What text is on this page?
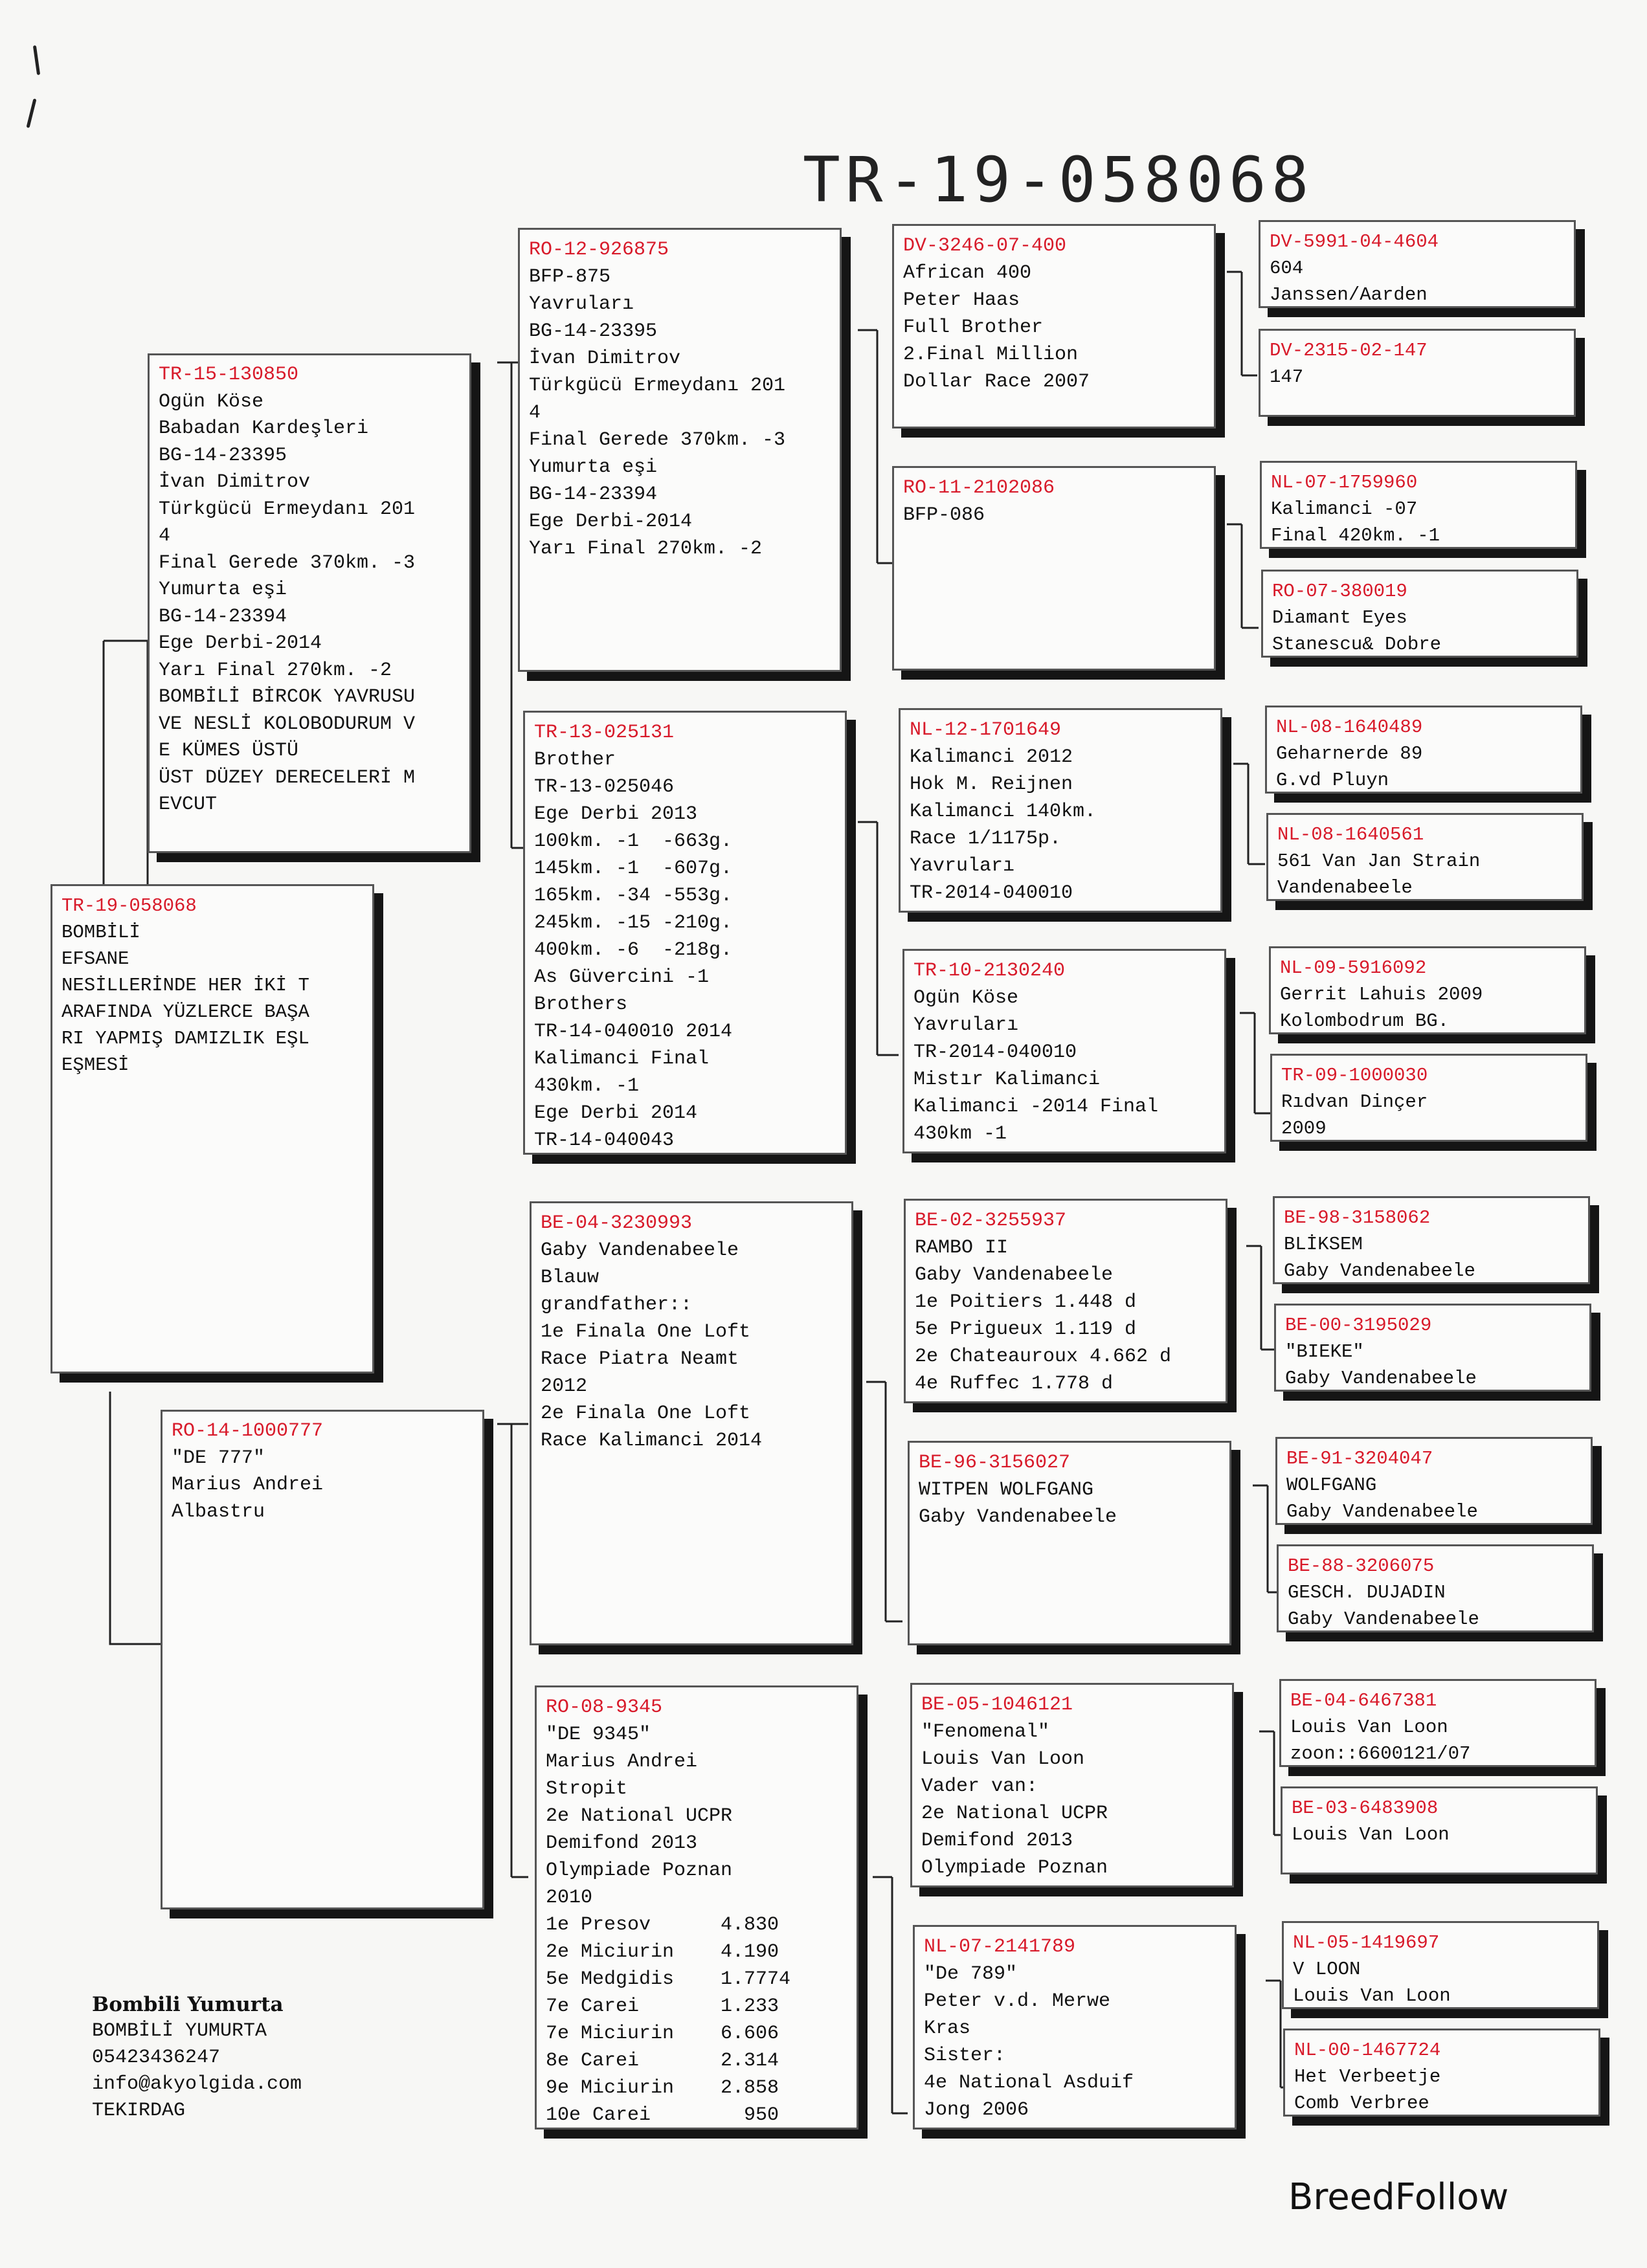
TR-19-058068
TR-19-058068
BOMBİLİ
EFSANE
NESİLLERİNDE HER İKİ T
ARAFINDA YÜZLERCE BAŞA
RI YAPMIŞ DAMIZLIK EŞL
EŞMESİ
TR-15-130850
Ogün Köse
Babadan Kardeşleri
BG-14-23395
İvan Dimitrov
Türkgücü Ermeydanı 201
4
Final Gerede 370km. -3
Yumurta eşi
BG-14-23394
Ege Derbi-2014
Yarı Final 270km. -2
BOMBİLİ BİRCOK YAVRUSU
VE NESLİ KOLOBODURUM V
E KÜMES ÜSTÜ
ÜST DÜZEY DERECELERİ M
EVCUT
RO-14-1000777
"DE 777"
Marius Andrei
Albastru
RO-12-926875
BFP-875
Yavruları
BG-14-23395
İvan Dimitrov
Türkgücü Ermeydanı 201
4
Final Gerede 370km. -3
Yumurta eşi
BG-14-23394
Ege Derbi-2014
Yarı Final 270km. -2
TR-13-025131
Brother
TR-13-025046
Ege Derbi 2013
100km. -1  -663g.
145km. -1  -607g.
165km. -34 -553g.
245km. -15 -210g.
400km. -6  -218g.
As Güvercini -1
Brothers
TR-14-040010 2014
Kalimanci Final
430km. -1
Ege Derbi 2014
TR-14-040043
BE-04-3230993
Gaby Vandenabeele
Blauw
grandfather::
1e Finala One Loft
Race Piatra Neamt
2012
2e Finala One Loft
Race Kalimanci 2014
RO-08-9345
"DE 9345"
Marius Andrei
Stropit
2e National UCPR
Demifond 2013
Olympiade Poznan
2010
1e Presov      4.830
2e Miciurin    4.190
5e Medgidis    1.7774
7e Carei       1.233
7e Miciurin    6.606
8e Carei       2.314
9e Miciurin    2.858
10e Carei        950
DV-3246-07-400
African 400
Peter Haas
Full Brother
2.Final Million
Dollar Race 2007
RO-11-2102086
BFP-086
NL-12-1701649
Kalimanci 2012
Hok M. Reijnen
Kalimanci 140km.
Race 1/1175p.
Yavruları
TR-2014-040010
TR-10-2130240
Ogün Köse
Yavruları
TR-2014-040010
Mistır Kalimanci
Kalimanci -2014 Final
430km -1
BE-02-3255937
RAMBO II
Gaby Vandenabeele
1e Poitiers 1.448 d
5e Prigueux 1.119 d
2e Chateauroux 4.662 d
4e Ruffec 1.778 d
BE-96-3156027
WITPEN WOLFGANG
Gaby Vandenabeele
BE-05-1046121
"Fenomenal"
Louis Van Loon
Vader van:
2e National UCPR
Demifond 2013
Olympiade Poznan
NL-07-2141789
"De 789"
Peter v.d. Merwe
Kras
Sister:
4e National Asduif
Jong 2006
DV-5991-04-4604
604
Janssen/Aarden
DV-2315-02-147
147
NL-07-1759960
Kalimanci -07
Final 420km. -1
RO-07-380019
Diamant Eyes
Stanescu& Dobre
NL-08-1640489
Geharnerde 89
G.vd Pluyn
NL-08-1640561
561 Van Jan Strain
Vandenabeele
NL-09-5916092
Gerrit Lahuis 2009
Kolombodrum BG.
TR-09-1000030
Rıdvan Dinçer
2009
BE-98-3158062
BLİKSEM
Gaby Vandenabeele
BE-00-3195029
"BIEKE"
Gaby Vandenabeele
BE-91-3204047
WOLFGANG
Gaby Vandenabeele
BE-88-3206075
GESCH. DUJADIN
Gaby Vandenabeele
BE-04-6467381
Louis Van Loon
zoon::6600121/07
BE-03-6483908
Louis Van Loon
NL-05-1419697
V LOON
Louis Van Loon
NL-00-1467724
Het Verbeetje
Comb Verbree
Bombili Yumurta
BOMBİLİ YUMURTA
05423436247
info@akyolgida.com
TEKIRDAG
BreedFollow
